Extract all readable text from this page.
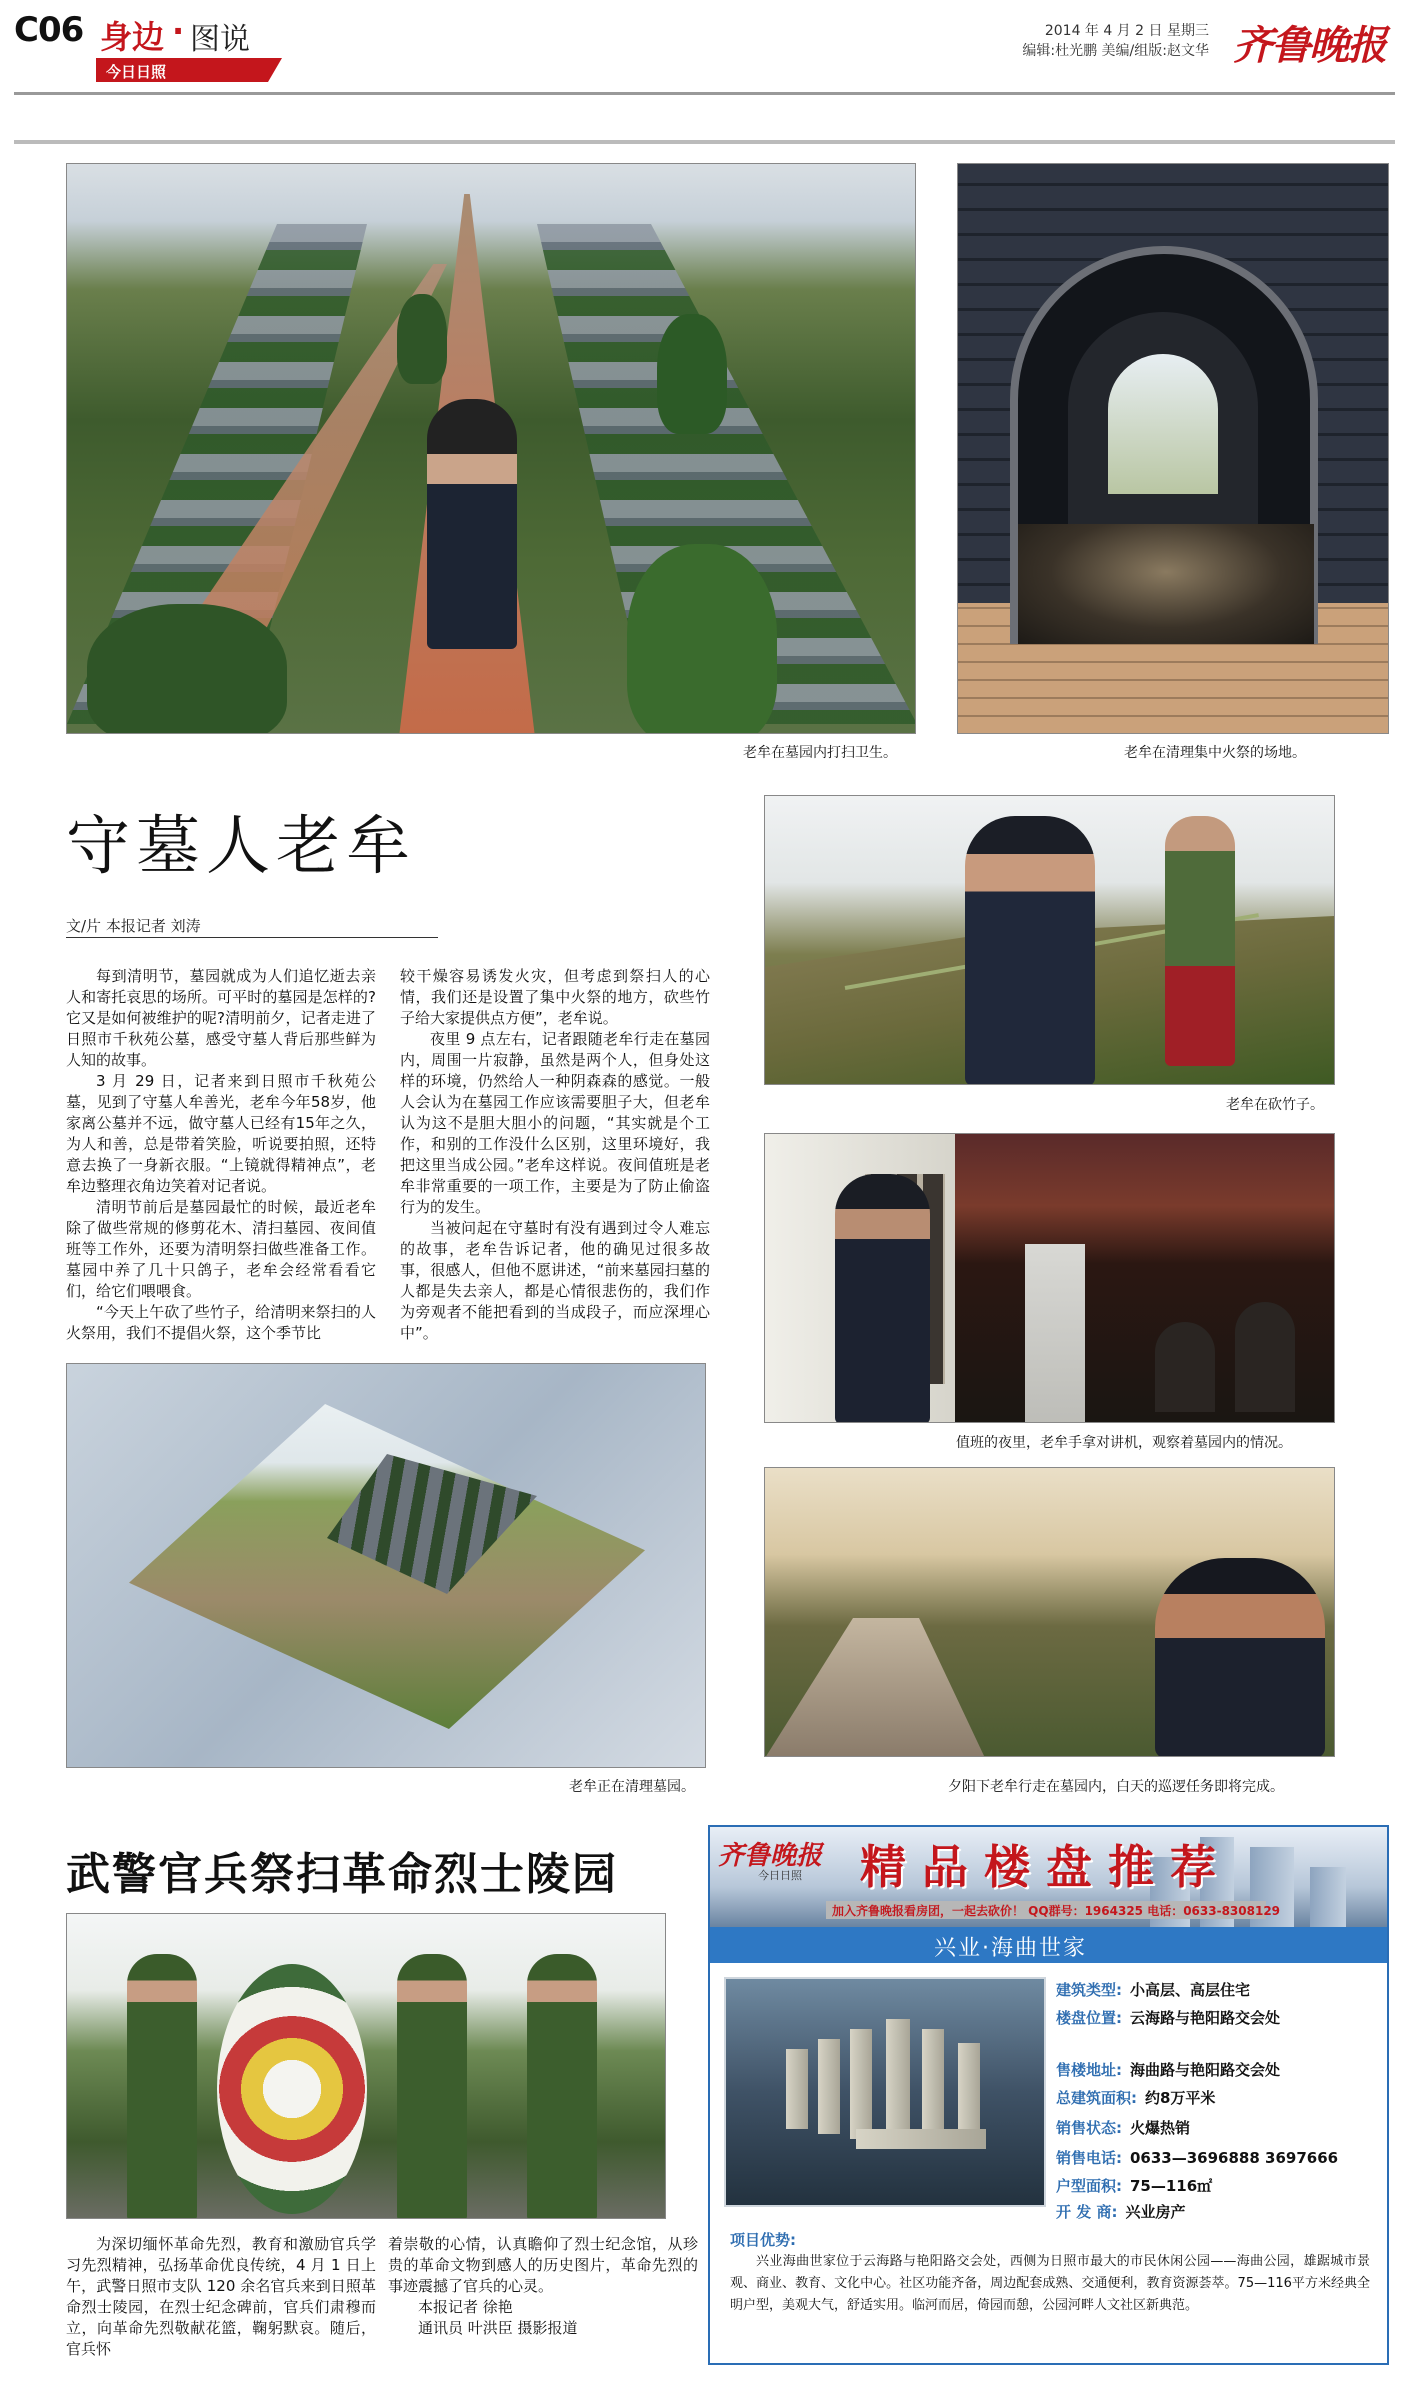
C06 身边 · 图说
今日日照
2014 年 4 月 2 日 星期三
编辑:杜光鹏 美编/组版:赵文华 齐鲁晚报
老牟在墓园内打扫卫生。	老牟在清理集中火祭的场地。
守墓人老牟
文/片 本报记者 刘涛

每到清明节，墓园就成为人们追忆逝去亲人和寄托哀思的场所。可平时的墓园是怎样的?它又是如何被维护的呢?清明前夕，记者走进了日照市千秋苑公墓，感受守墓人背后那些鲜为人知的故事。

3 月 29 日，记者来到日照市千秋苑公墓，见到了守墓人牟善光，老牟今年58岁，他家离公墓并不远，做守墓人已经有15年之久，为人和善，总是带着笑脸，听说要拍照，还特意去换了一身新衣服。“上镜就得精神点”，老牟边整理衣角边笑着对记者说。

清明节前后是墓园最忙的时候，最近老牟除了做些常规的修剪花木、清扫墓园、夜间值班等工作外，还要为清明祭扫做些准备工作。墓园中养了几十只鸽子，老牟会经常看看它们，给它们喂喂食。

“今天上午砍了些竹子，给清明来祭扫的人火祭用，我们不提倡火祭，这个季节比

较干燥容易诱发火灾，但考虑到祭扫人的心情，我们还是设置了集中火祭的地方，砍些竹子给大家提供点方便”，老牟说。

夜里 9 点左右，记者跟随老牟行走在墓园内，周围一片寂静，虽然是两个人，但身处这样的环境，仍然给人一种阴森森的感觉。一般人会认为在墓园工作应该需要胆子大，但老牟认为这不是胆大胆小的问题，“其实就是个工作，和别的工作没什么区别，这里环境好，我把这里当成公园。”老牟这样说。夜间值班是老牟非常重要的一项工作，主要是为了防止偷盗行为的发生。

当被问起在守墓时有没有遇到过令人难忘的故事，老牟告诉记者，他的确见过很多故事，很感人，但他不愿讲述，“前来墓园扫墓的人都是失去亲人，都是心情很悲伤的，我们作为旁观者不能把看到的当成段子，而应深埋心中”。

老牟在砍竹子。
值班的夜里，老牟手拿对讲机，观察着墓园内的情况。
老牟正在清理墓园。	夕阳下老牟行走在墓园内，白天的巡逻任务即将完成。
武警官兵祭扫革命烈士陵园

为深切缅怀革命先烈，教育和激励官兵学习先烈精神，弘扬革命优良传统，4 月 1 日上午，武警日照市支队 120 余名官兵来到日照革命烈士陵园，在烈士纪念碑前，官兵们肃穆而立，向革命先烈敬献花篮，鞠躬默哀。随后，官兵怀

着崇敬的心情，认真瞻仰了烈士纪念馆，从珍贵的革命文物到感人的历史图片，革命先烈的事迹震撼了官兵的心灵。

本报记者 徐艳

通讯员 叶洪臣 摄影报道

齐鲁晚报
今日日照 精品楼盘推荐
加入齐鲁晚报看房团，一起去砍价！ QQ群号：1964325 电话：0633-8308129
兴业·海曲世家
建筑类型: 小高层、高层住宅
楼盘位置: 云海路与艳阳路交会处
售楼地址: 海曲路与艳阳路交会处
总建筑面积: 约8万平米
销售状态: 火爆热销
销售电话: 0633—3696888 3697666
户型面积: 75—116㎡
开 发 商: 兴业房产
项目优势:
兴业海曲世家位于云海路与艳阳路交会处，西侧为日照市最大的市民休闲公园——海曲公园，雄踞城市景观、商业、教育、文化中心。社区功能齐备，周边配套成熟、交通便利，教育资源荟萃。75—116平方米经典全明户型，美观大气，舒适实用。临河而居，倚园而憩，公园河畔人文社区新典范。
